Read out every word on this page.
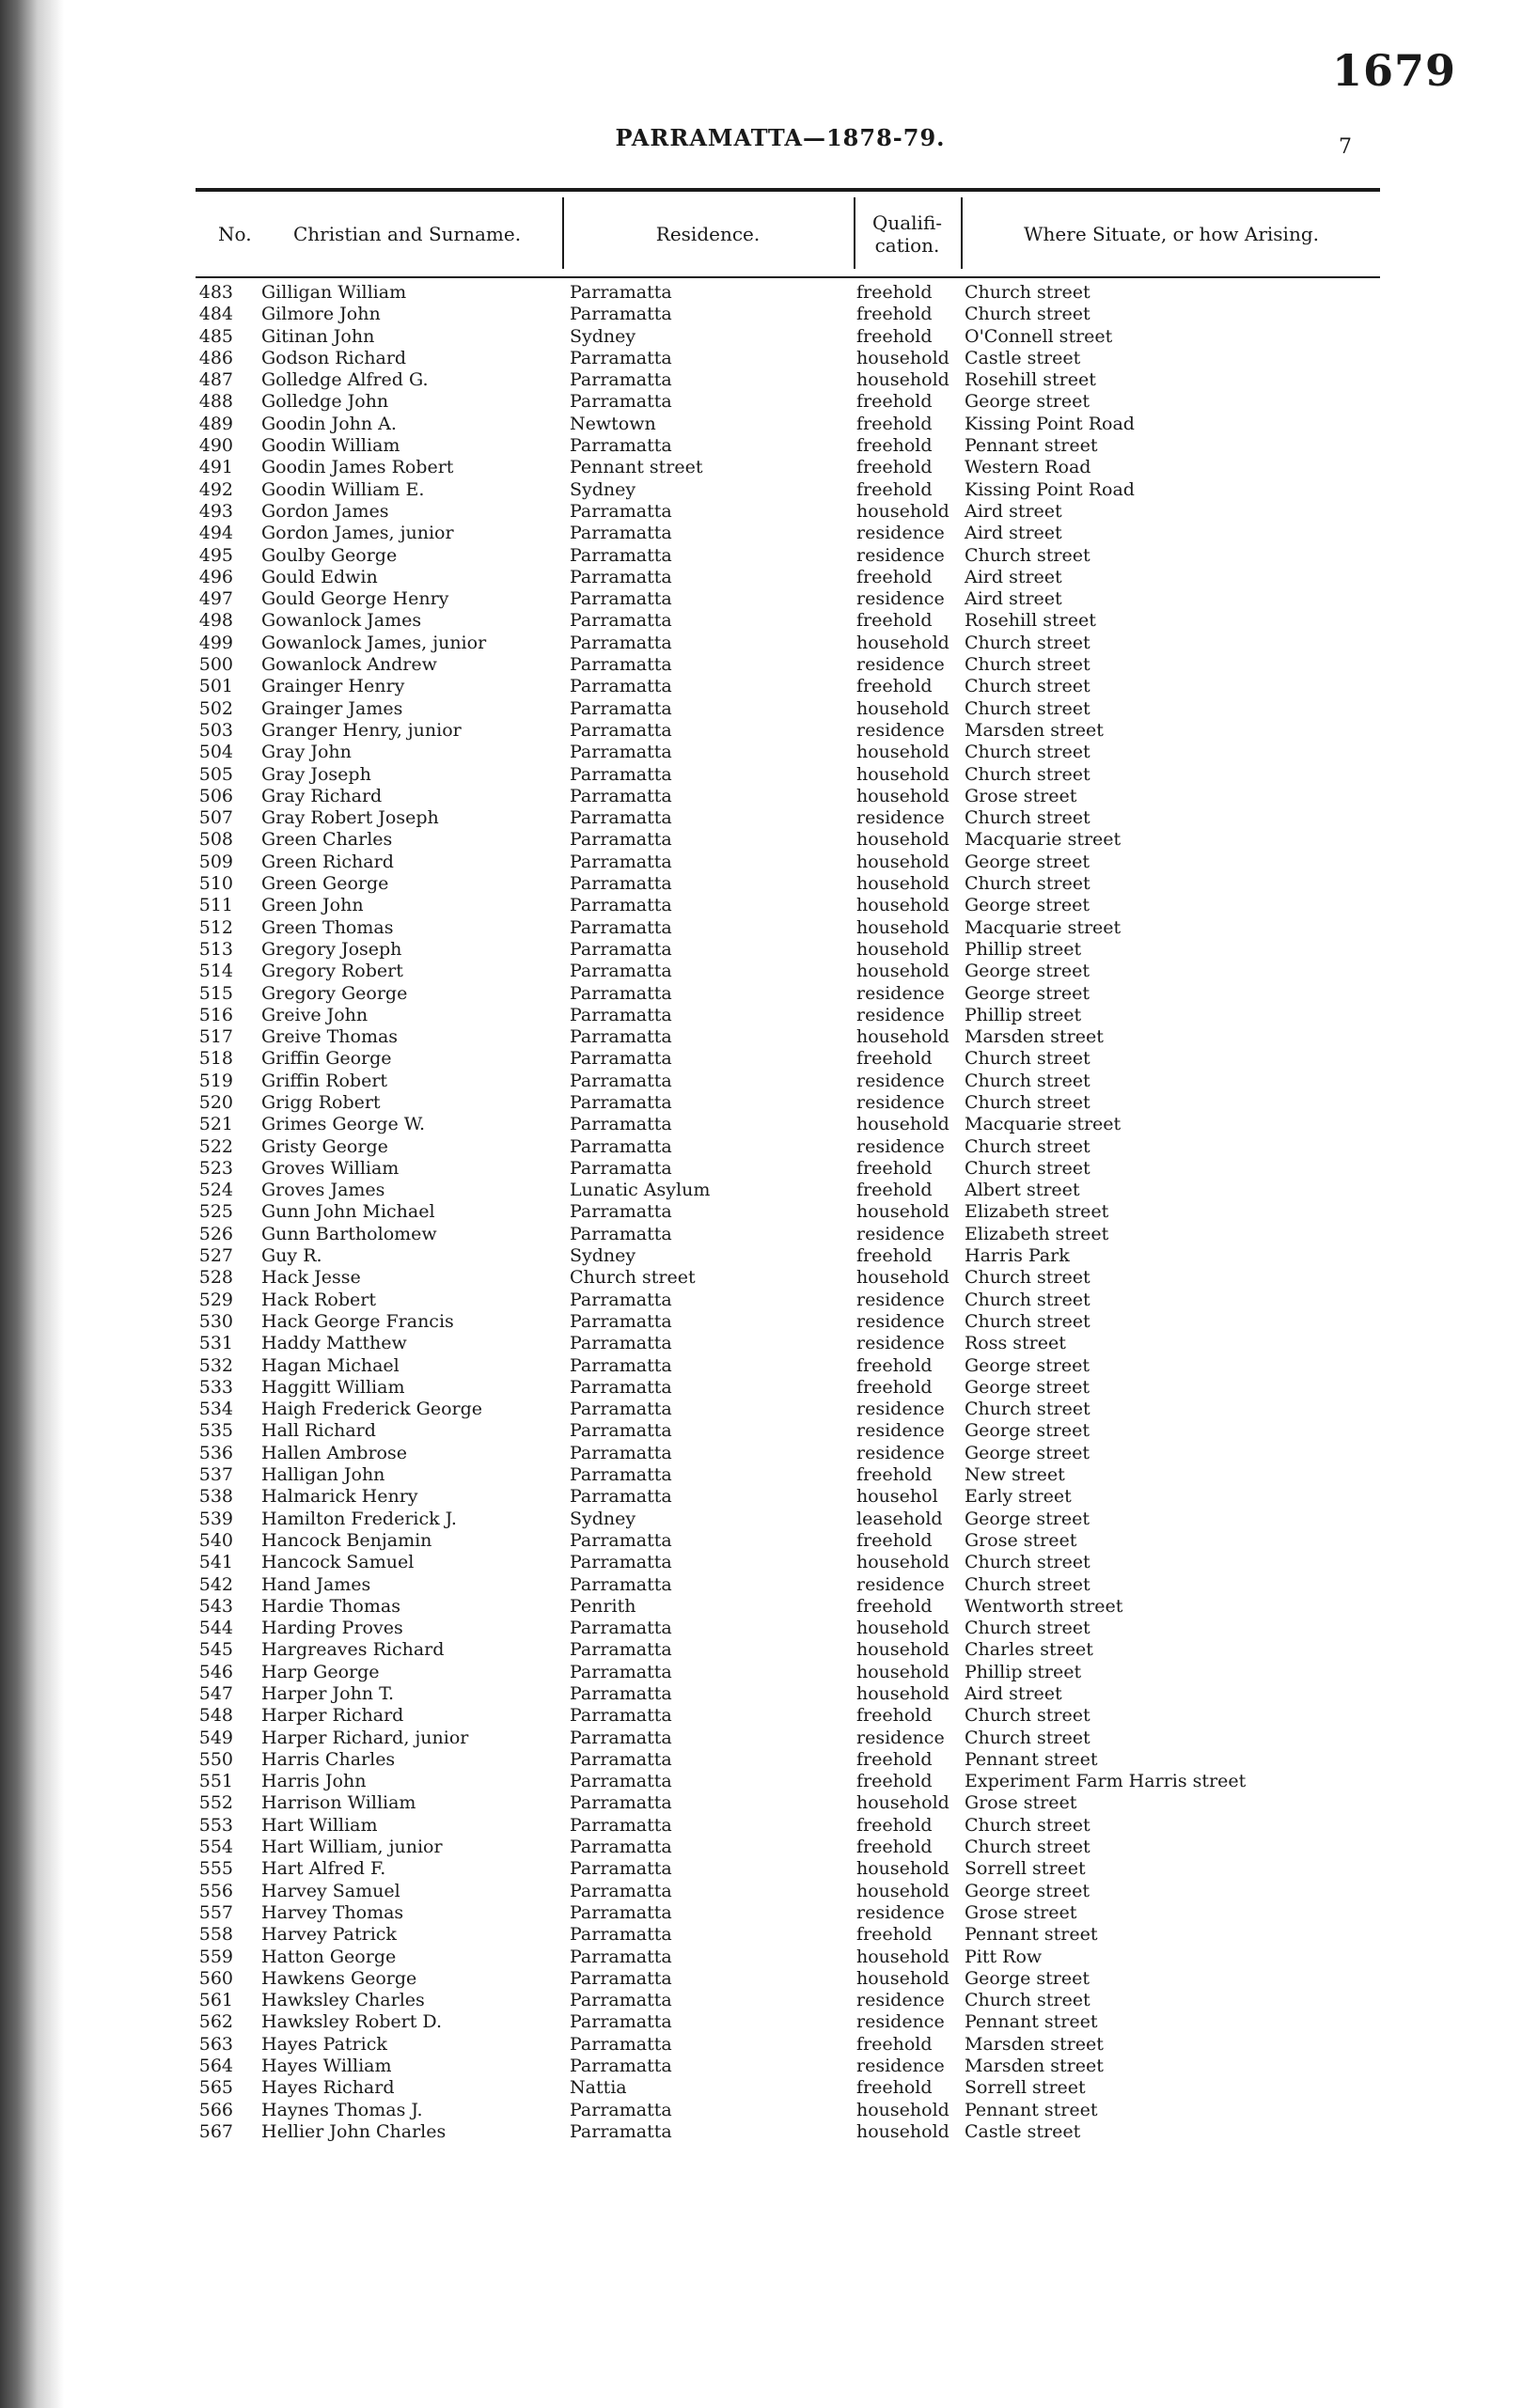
1679
PARRAMATTA—1878-79.	7
No. Christian and Surname.	Residence.	Qualifi-cation.	Where Situate, or how Arising.
483 Gilligan William	Parramatta	freehold Church street
484 Gilmore John	Parramatta	freehold Church street
485 Gitinan John	Sydney	freehold O'Connell street
486 Godson Richard	Parramatta	household Castle street
487 Golledge Alfred G.	Parramatta	household Rosehill street
488 Golledge John	Parramatta	freehold George street
489 Goodin John A.	Newtown	freehold Kissing Point Road
490 Goodin William	Parramatta	freehold Pennant street
491 Goodin James Robert	Pennant street	freehold Western Road
492 Goodin William E.	Sydney	freehold Kissing Point Road
493 Gordon James	Parramatta	household Aird street
494 Gordon James, junior	Parramatta	residence Aird street
495 Goulby George	Parramatta	residence Church street
496 Gould Edwin	Parramatta	freehold Aird street
497 Gould George Henry	Parramatta	residence Aird street
498 Gowanlock James	Parramatta	freehold Rosehill street
499 Gowanlock James, junior	Parramatta	household Church street
500 Gowanlock Andrew	Parramatta	residence Church street
501 Grainger Henry	Parramatta	freehold Church street
502 Grainger James	Parramatta	household Church street
503 Granger Henry, junior	Parramatta	residence Marsden street
504 Gray John	Parramatta	household Church street
505 Gray Joseph	Parramatta	household Church street
506 Gray Richard	Parramatta	household Grose street
507 Gray Robert Joseph	Parramatta	residence Church street
508 Green Charles	Parramatta	household Macquarie street
509 Green Richard	Parramatta	household George street
510 Green George	Parramatta	household Church street
511 Green John	Parramatta	household George street
512 Green Thomas	Parramatta	household Macquarie street
513 Gregory Joseph	Parramatta	household Phillip street
514 Gregory Robert	Parramatta	household George street
515 Gregory George	Parramatta	residence George street
516 Greive John	Parramatta	residence Phillip street
517 Greive Thomas	Parramatta	household Marsden street
518 Griffin George	Parramatta	freehold Church street
519 Griffin Robert	Parramatta	residence Church street
520 Grigg Robert	Parramatta	residence Church street
521 Grimes George W.	Parramatta	household Macquarie street
522 Gristy George	Parramatta	residence Church street
523 Groves William	Parramatta	freehold Church street
524 Groves James	Lunatic Asylum	freehold Albert street
525 Gunn John Michael	Parramatta	household Elizabeth street
526 Gunn Bartholomew	Parramatta	residence Elizabeth street
527 Guy R.	Sydney	freehold Harris Park
528 Hack Jesse	Church street	household Church street
529 Hack Robert	Parramatta	residence Church street
530 Hack George Francis	Parramatta	residence Church street
531 Haddy Matthew	Parramatta	residence Ross street
532 Hagan Michael	Parramatta	freehold George street
533 Haggitt William	Parramatta	freehold George street
534 Haigh Frederick George	Parramatta	residence Church street
535 Hall Richard	Parramatta	residence George street
536 Hallen Ambrose	Parramatta	residence George street
537 Halligan John	Parramatta	freehold New street
538 Halmarick Henry	Parramatta	househol Early street
539 Hamilton Frederick J.	Sydney	leasehold George street
540 Hancock Benjamin	Parramatta	freehold Grose street
541 Hancock Samuel	Parramatta	household Church street
542 Hand James	Parramatta	residence Church street
543 Hardie Thomas	Penrith	freehold Wentworth street
544 Harding Proves	Parramatta	household Church street
545 Hargreaves Richard	Parramatta	household Charles street
546 Harp George	Parramatta	household Phillip street
547 Harper John T.	Parramatta	household Aird street
548 Harper Richard	Parramatta	freehold Church street
549 Harper Richard, junior	Parramatta	residence Church street
550 Harris Charles	Parramatta	freehold Pennant street
551 Harris John	Parramatta	freehold Experiment Farm Harris street
552 Harrison William	Parramatta	household Grose street
553 Hart William	Parramatta	freehold Church street
554 Hart William, junior	Parramatta	freehold Church street
555 Hart Alfred F.	Parramatta	household Sorrell street
556 Harvey Samuel	Parramatta	household George street
557 Harvey Thomas	Parramatta	residence Grose street
558 Harvey Patrick	Parramatta	freehold Pennant street
559 Hatton George	Parramatta	household Pitt Row
560 Hawkens George	Parramatta	household George street
561 Hawksley Charles	Parramatta	residence Church street
562 Hawksley Robert D.	Parramatta	residence Pennant street
563 Hayes Patrick	Parramatta	freehold Marsden street
564 Hayes William	Parramatta	residence Marsden street
565 Hayes Richard	Nattia	freehold Sorrell street
566 Haynes Thomas J.	Parramatta	household Pennant street
567 Hellier John Charles	Parramatta	household Castle street
